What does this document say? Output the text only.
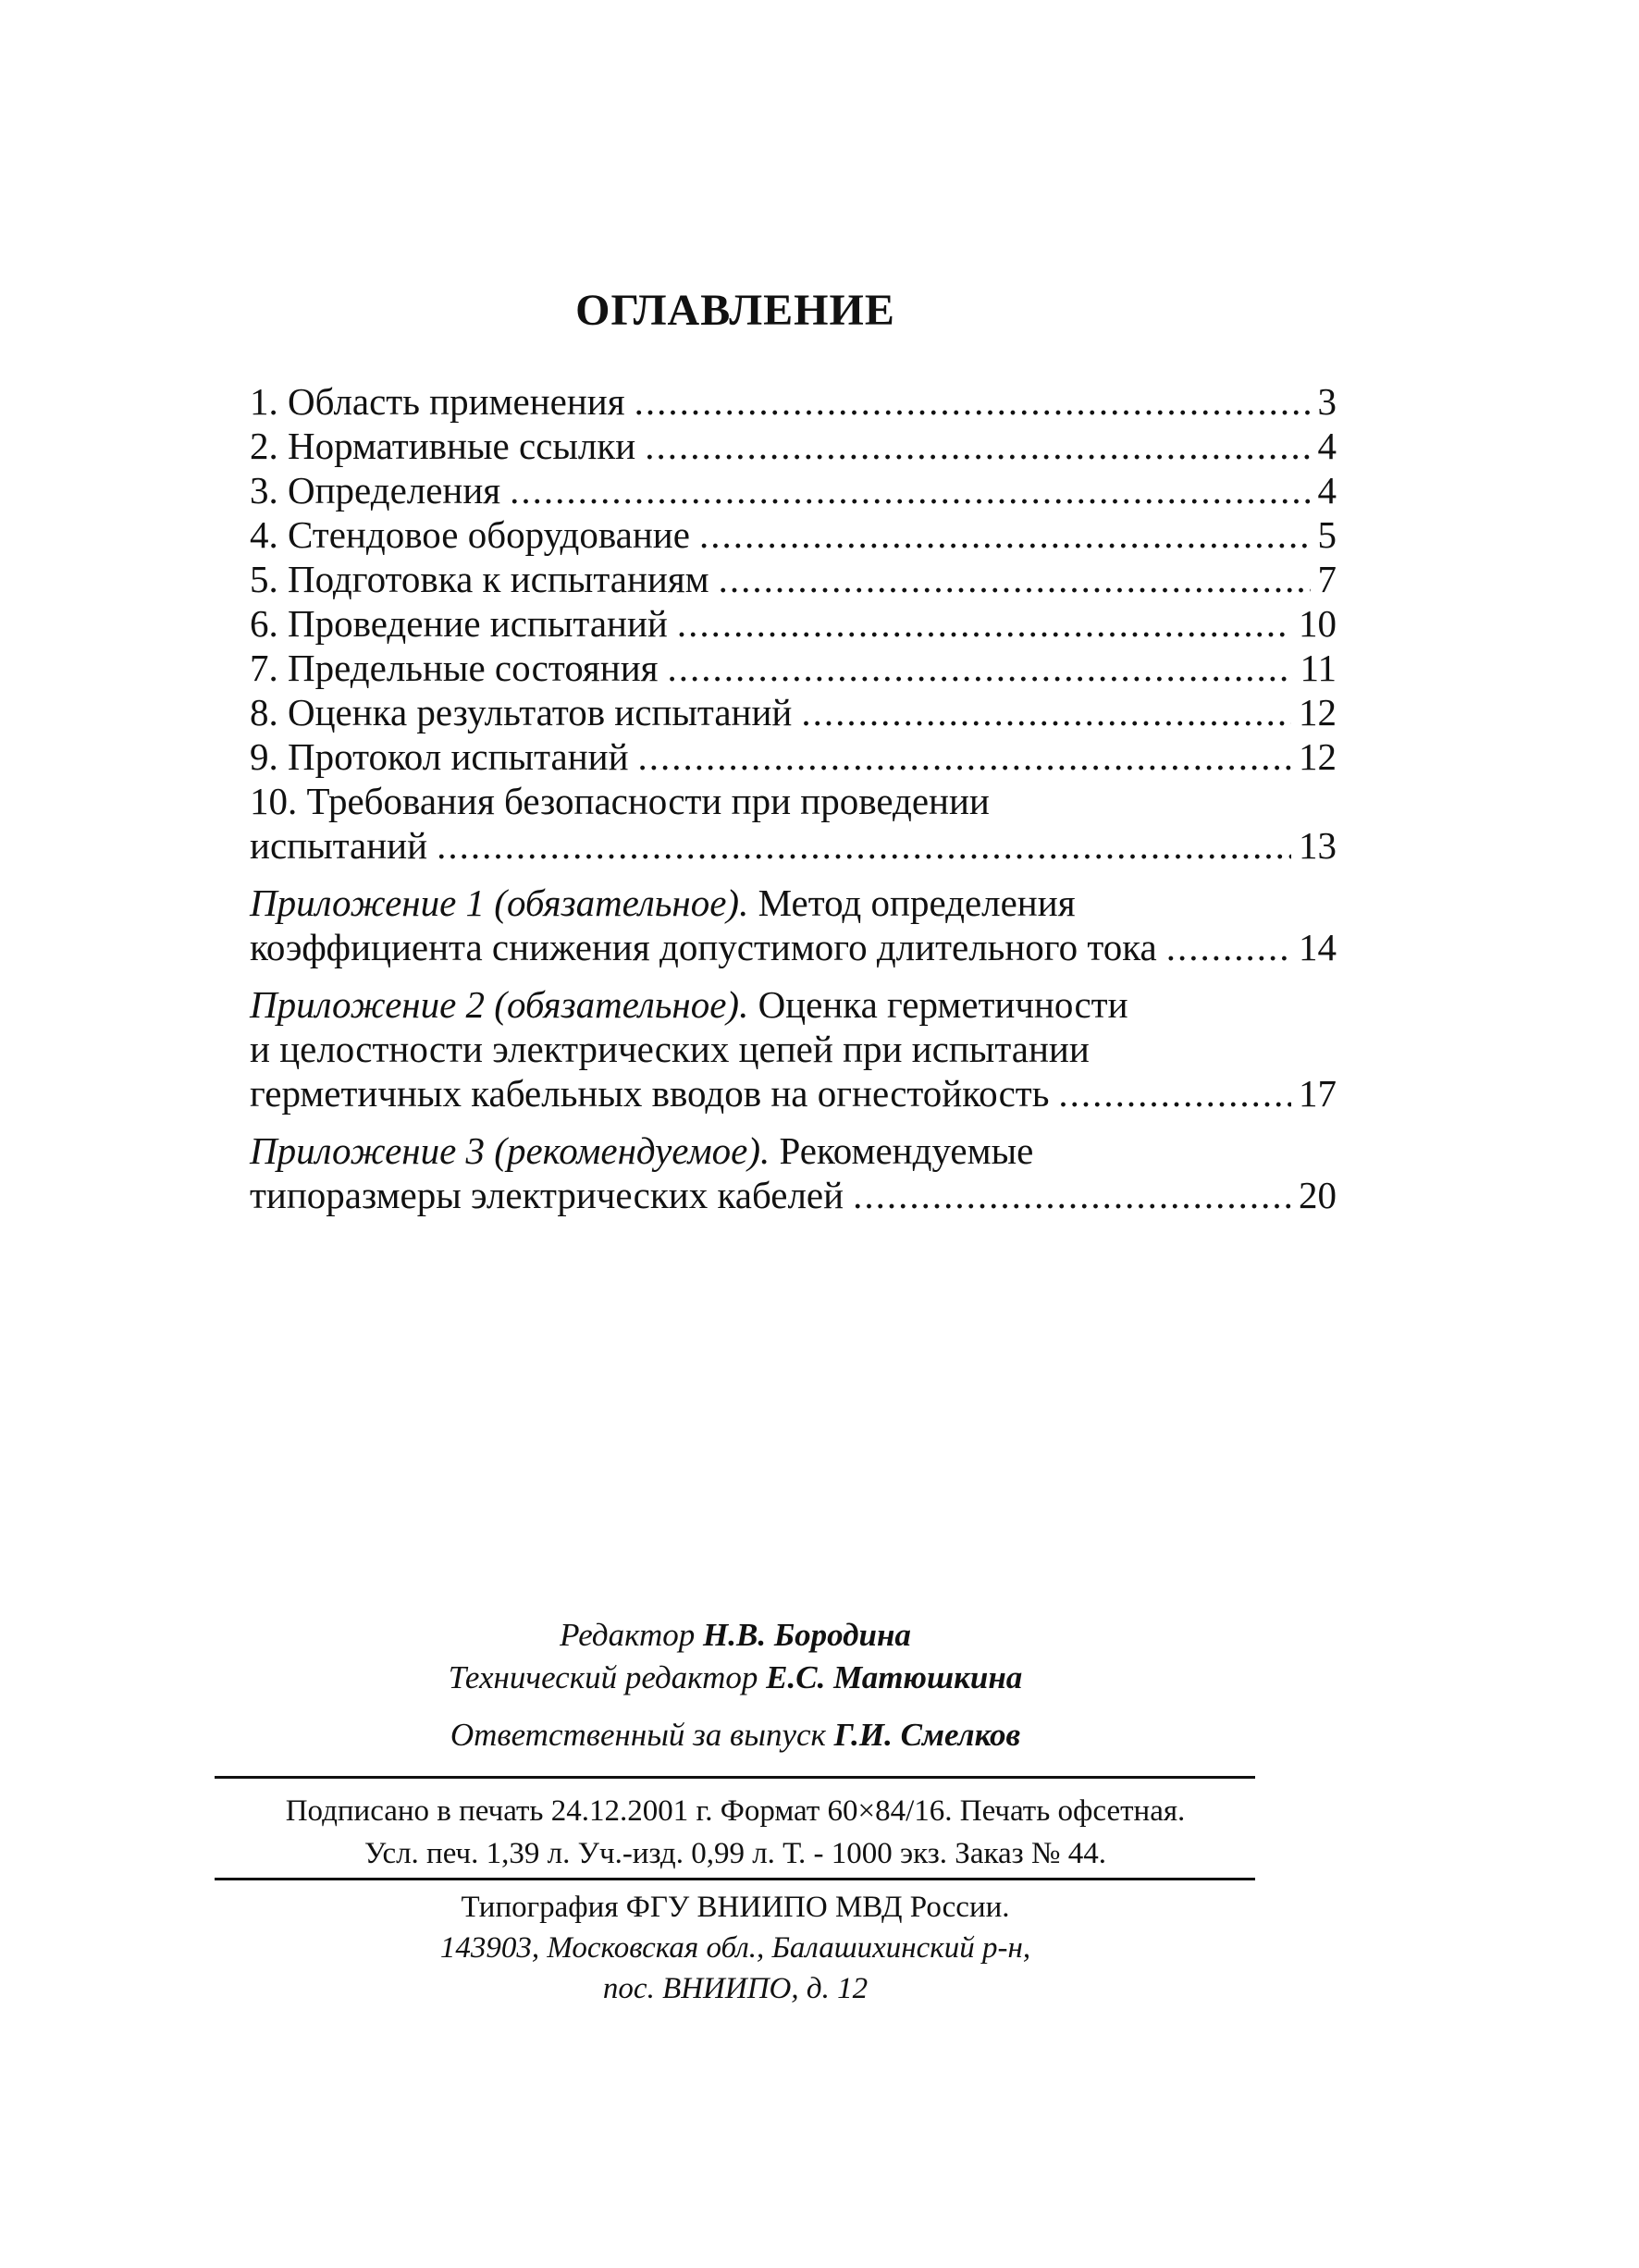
ОГЛАВЛЕНИЕ
1. Область применения .....	3
2. Нормативные ссылки .....	4
3. Определения .....	4
4. Стендовое оборудование .....	5
5. Подготовка к испытаниям .....	7
6. Проведение испытаний .....	10
7. Предельные состояния .....	11
8. Оценка результатов испытаний .....	12
9. Протокол испытаний .....	12
10. Требования безопасности при проведении
испытаний .....	13
Приложение 1 (обязательное). Метод определения
коэффициента снижения допустимого длительного тока .....	14
Приложение 2 (обязательное). Оценка герметичности
и целостности электрических цепей при испытании
герметичных кабельных вводов на огнестойкость .....	17
Приложение 3 (рекомендуемое). Рекомендуемые
типоразмеры электрических кабелей .....	20
Редактор Н.В. Бородина
Технический редактор Е.С. Матюшкина
Ответственный за выпуск Г.И. Смелков
Подписано в печать 24.12.2001 г. Формат 60×84/16. Печать офсетная.
Усл. печ. 1,39 л. Уч.-изд. 0,99 л. Т. - 1000 экз. Заказ № 44.
Типография ФГУ ВНИИПО МВД России.
143903, Московская обл., Балашихинский р-н,
пос. ВНИИПО, д. 12
